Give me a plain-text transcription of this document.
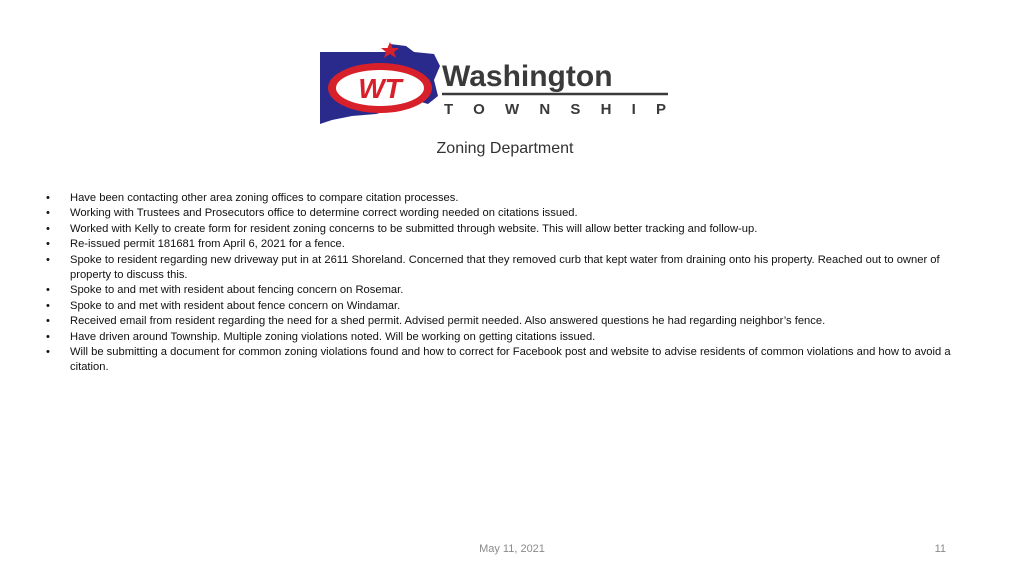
WT Washington
TOWNSHIP
Zoning Department
•	Have been contacting other area zoning offices to compare citation processes.
•	Working with Trustees and Prosecutors office to determine correct wording needed on citations issued.
•	Worked with Kelly to create form for resident zoning concerns to be submitted through website. This will allow better tracking and follow-up.
•	Re-issued permit 181681 from April 6, 2021 for a fence.
•	Spoke to resident regarding new driveway put in at 2611 Shoreland. Concerned that they removed curb that kept water from draining onto his property. Reached out to owner of property to discuss this.
•	Spoke to and met with resident about fencing concern on Rosemar.
•	Spoke to and met with resident about fence concern on Windamar.
•	Received email from resident regarding the need for a shed permit. Advised permit needed. Also answered questions he had regarding neighbor’s fence.
•	Have driven around Township. Multiple zoning violations noted. Will be working on getting citations issued.
•	Will be submitting a document for common zoning violations found and how to correct for Facebook post and website to advise residents of common violations and how to avoid a citation.
May 11, 2021	11
